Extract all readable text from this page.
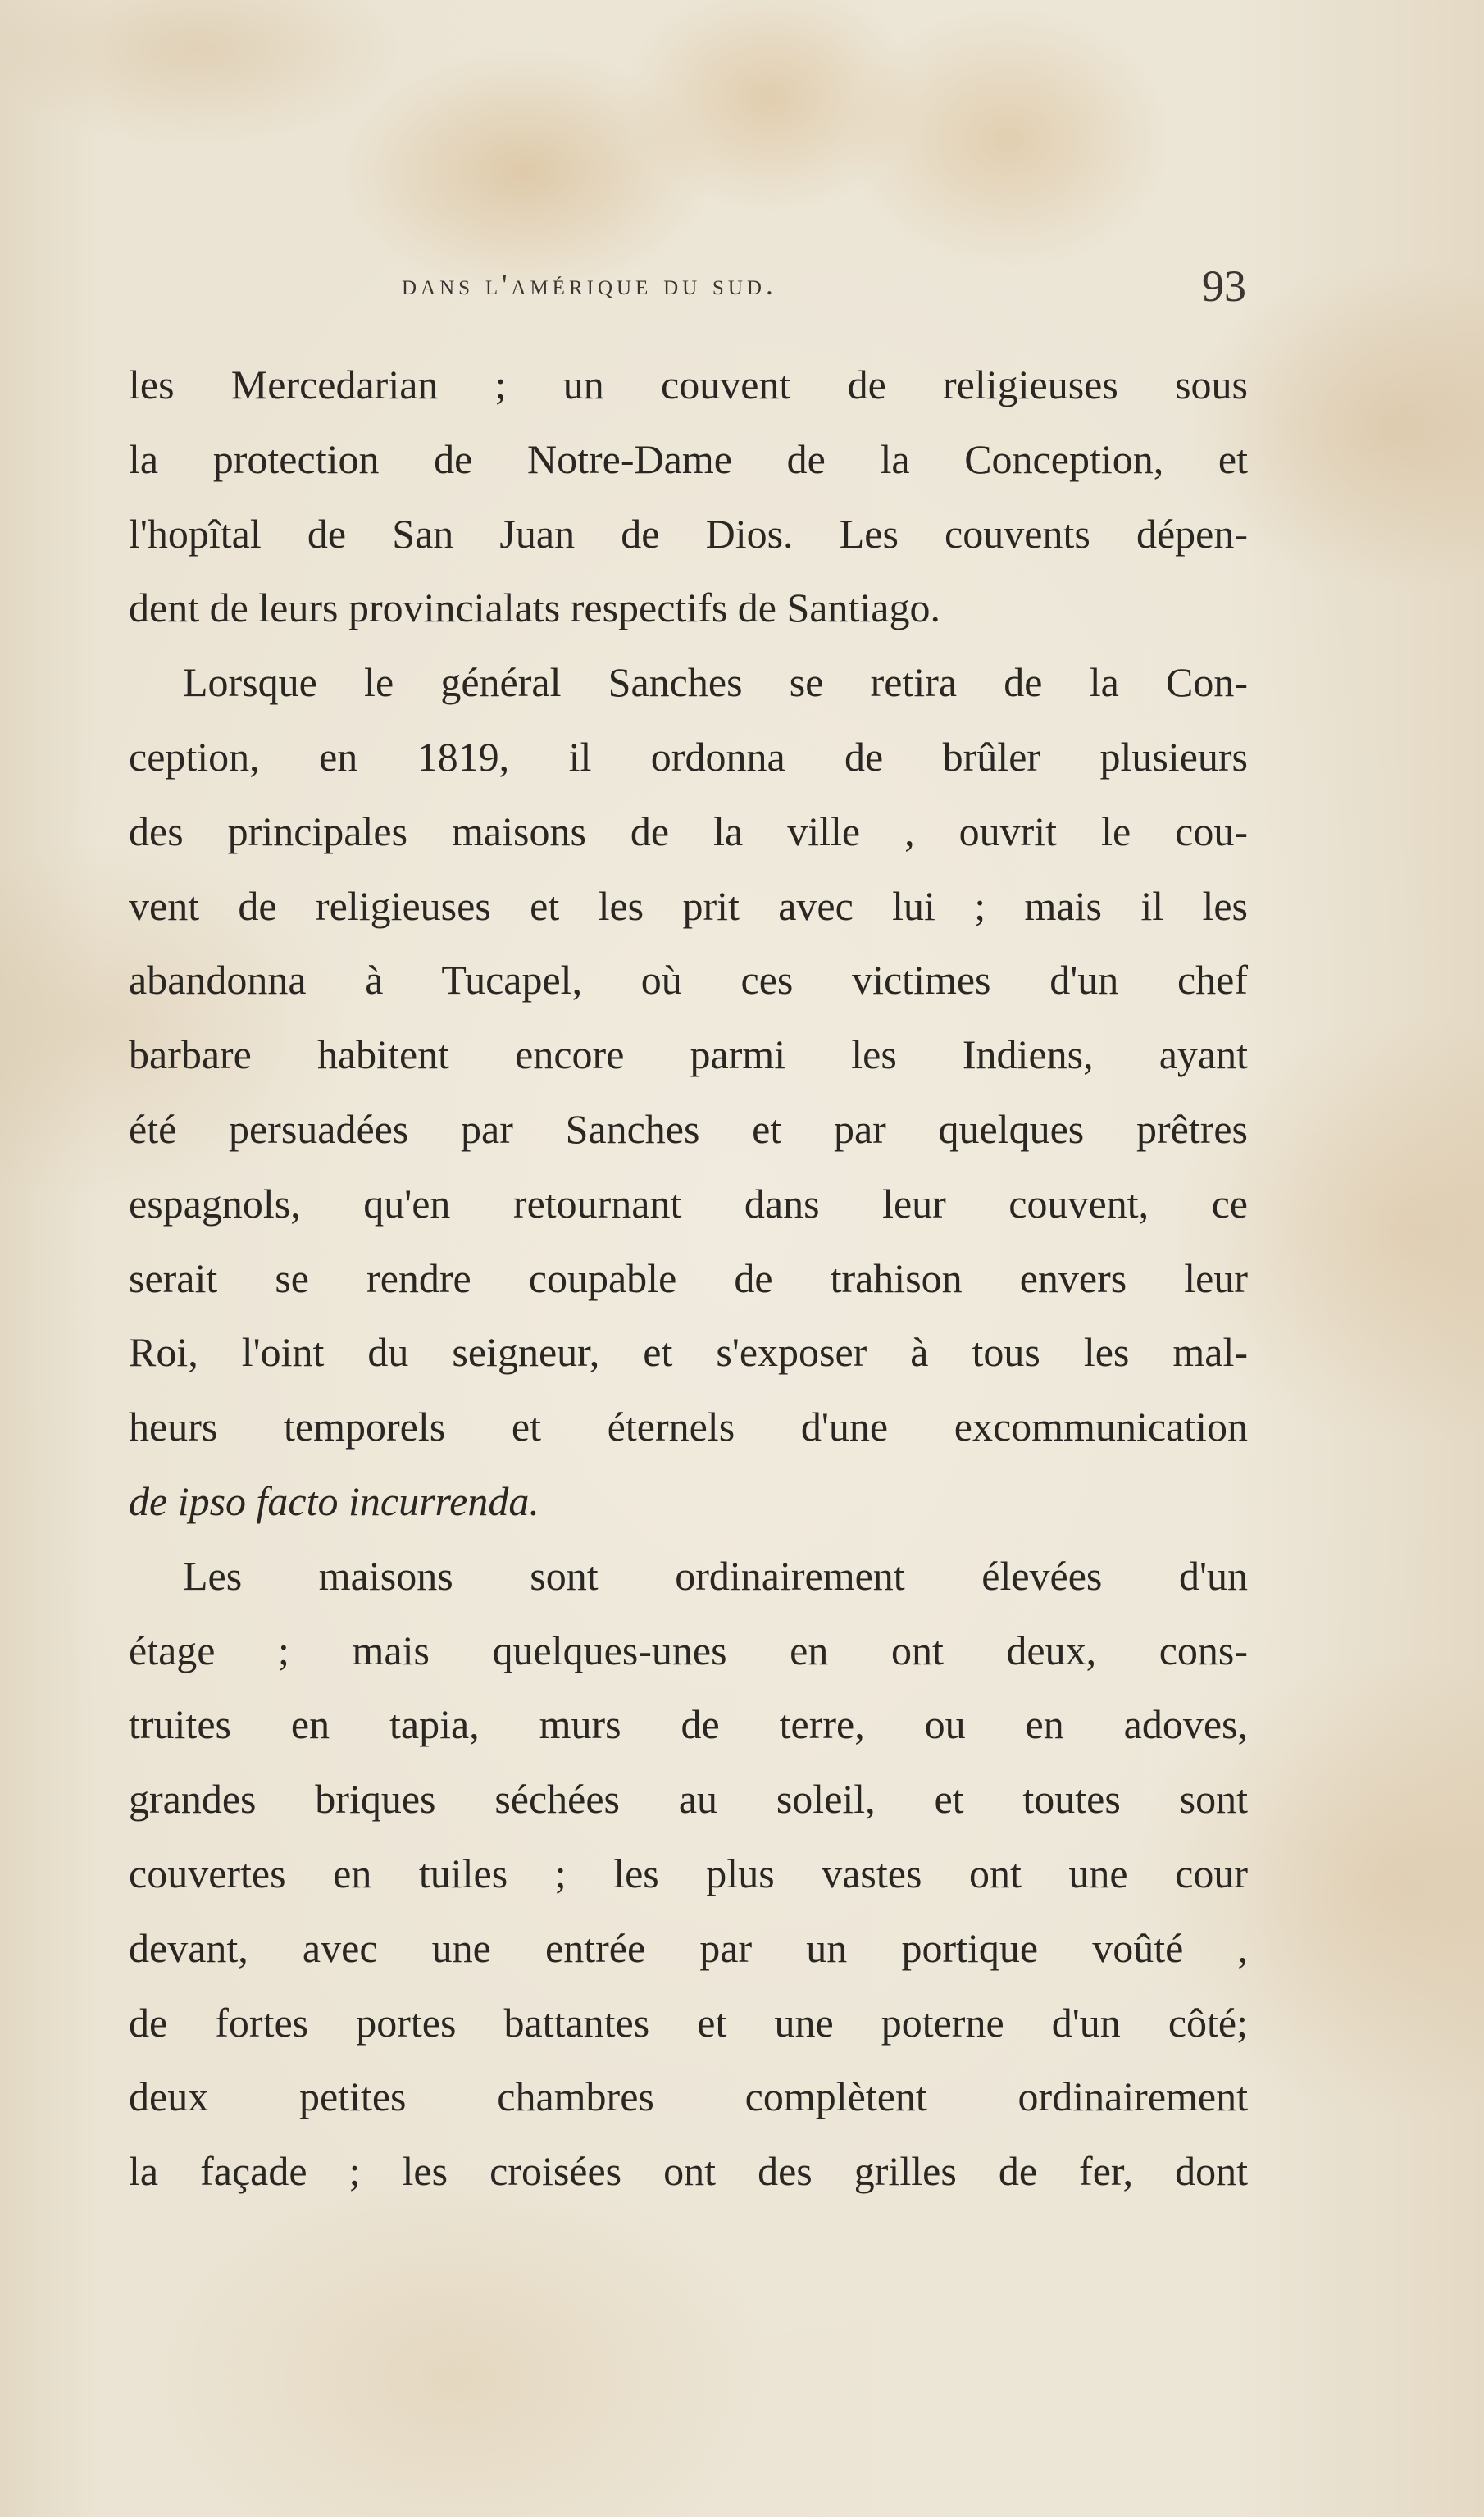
dans l'amérique du sud.	93
les Mercedarian ; un couvent de religieuses sous
la protection de Notre-Dame de la Conception, et
l'hopîtal de San Juan de Dios. Les couvents dépen-
dent de leurs provincialats respectifs de Santiago.
Lorsque le général Sanches se retira de la Con-
ception, en 1819, il ordonna de brûler plusieurs
des principales maisons de la ville , ouvrit le cou-
vent de religieuses et les prit avec lui ; mais il les
abandonna à Tucapel, où ces victimes d'un chef
barbare habitent encore parmi les Indiens, ayant
été persuadées par Sanches et par quelques prêtres
espagnols, qu'en retournant dans leur couvent, ce
serait se rendre coupable de trahison envers leur
Roi, l'oint du seigneur, et s'exposer à tous les mal-
heurs temporels et éternels d'une excommunication
de ipso facto incurrenda.
Les maisons sont ordinairement élevées d'un
étage ; mais quelques-unes en ont deux, cons-
truites en tapia, murs de terre, ou en adoves,
grandes briques séchées au soleil, et toutes sont
couvertes en tuiles ; les plus vastes ont une cour
devant, avec une entrée par un portique voûté ,
de fortes portes battantes et une poterne d'un côté;
deux petites chambres complètent ordinairement
la façade ; les croisées ont des grilles de fer, dont
